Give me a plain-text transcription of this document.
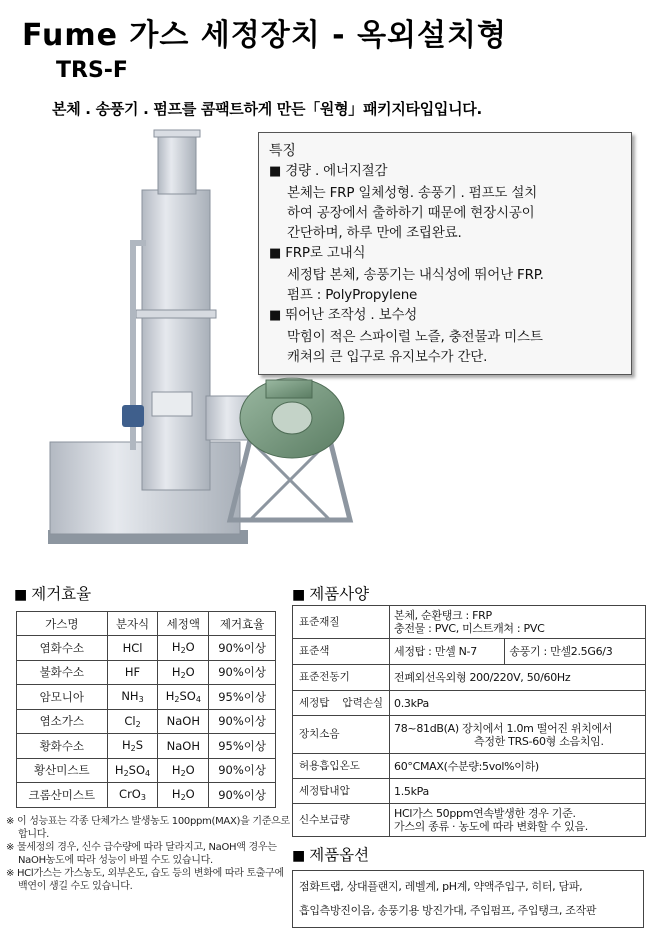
Fume 가스 세정장치 - 옥외설치형
TRS-F
본체 . 송풍기 . 펌프를 콤팩트하게 만든「원형」패키지타입입니다.
특징
■ 경량 . 에너지절감
본체는 FRP 일체성형. 송풍기 . 펌프도 설치
하여 공장에서 출하하기 때문에 현장시공이
간단하며, 하루 만에 조립완료.
■ FRP로 고내식
세정탑 본체, 송풍기는 내식성에 뛰어난 FRP.
펌프 : PolyPropylene
■ 뛰어난 조작성 . 보수성
막힘이 적은 스파이럴 노즐, 충전물과 미스트
캐쳐의 큰 입구로 유지보수가 간단.
■ 제거효율
가스명	분자식	세정액	제거효율
염화수소	HCl	$H_2O$	90%이상
불화수소	HF	$H_2O$	90%이상
암모니아	$NH_3$	$H_2SO_4$	95%이상
염소가스	$Cl_2$	NaOH	90%이상
황화수소	$H_2S$	NaOH	95%이상
황산미스트	$H_2SO_4$	$H_2O$	90%이상
크롬산미스트	CrO$_3$	$H_2O$	90%이상
※ 이 성능표는 각종 단체가스 발생농도 100ppm(MAX)을 기준으로 합니다.
※ 물세정의 경우, 신수 급수량에 따라 달라지고, NaOH액 경우는 NaOH농도에 따라 성능이 바뀔 수도 있습니다.
※ HCl가스는 가스농도, 외부온도, 습도 등의 변화에 따라 토출구에 백연이 생길 수도 있습니다.
■ 제품사양
표준재질	본체, 순환탱크 : FRP
충전물 : PVC, 미스트캐쳐 : PVC	

표준색	세정탑 : 만셀 N-7	송풍기 : 만셀2.5G6/3
표준전동기	전폐외선옥외형 200/220V, 50/60Hz	
세정탑 압력손실	0.3kPa	
장치소음	78~81dB(A) 장치에서 1.0m 떨어진 위치에서
측정한 TRS-60형 소음치임.	

허용흡입온도	60°CMAX(수분량:5vol%이하)	
세정탑내압	1.5kPa	
신수보급량	HCl가스 50ppm연속발생한 경우 기준.
가스의 종류 · 농도에 따라 변화할 수 있음.	
■ 제품옵션
점화트랩, 상대플랜지, 레벨계, pH계, 약액주입구, 히터, 담파,
흡입측방진이음, 송풍기용 방진가대, 주입펌프, 주입탱크, 조작판
